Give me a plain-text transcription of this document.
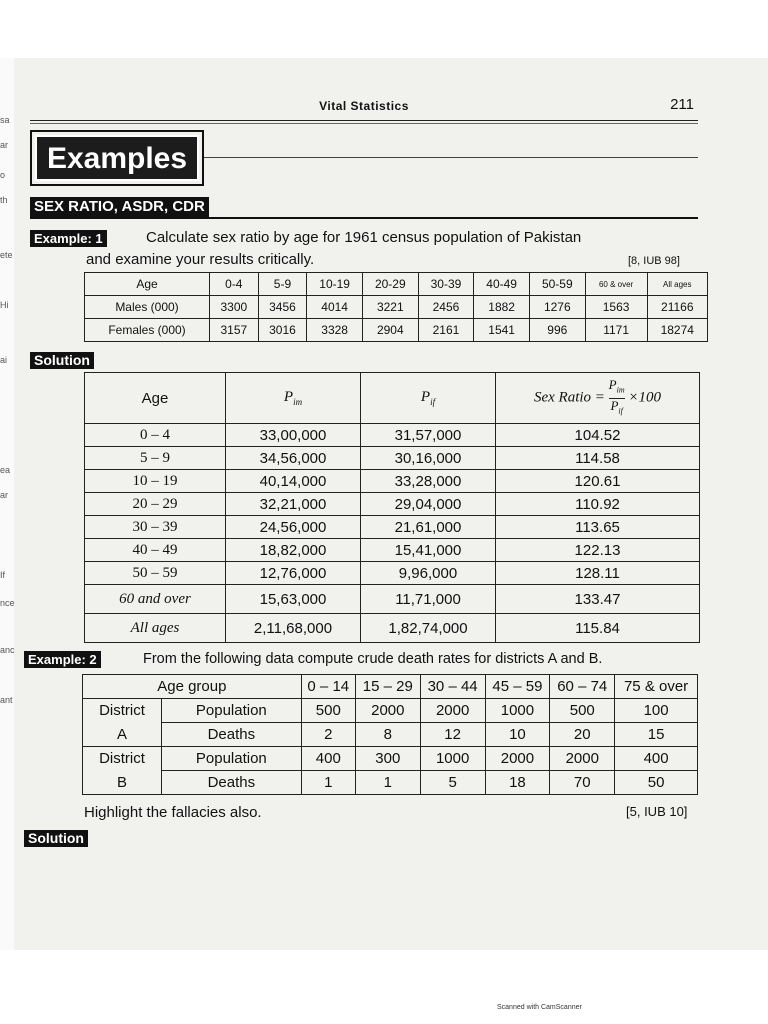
sa
ar
o
th
ete
Hi
ai
ea
ar
If
nce
anc
ant
Vital Statistics	211
Examples
SEX RATIO, ASDR, CDR
Example: 1	Calculate sex ratio by age for 1961 census population of Pakistan
and examine your results critically.	[8, IUB 98]
Age	0-4	5-9	10-19	20-29	30-39	40-49	50-59	60 & over	All ages
Males (000)	3300	3456	4014	3221	2456	1882	1276	1563	21166
Females (000)	3157	3016	3328	2904	2161	1541	996	1171	18274
Solution
Age	$P_{im}$	$P_{if}$	Sex Ratio =
$P_{im}$
$P_{if}$
×100
0 – 4	33,00,000	31,57,000	104.52
5 – 9	34,56,000	30,16,000	114.58
10 – 19	40,14,000	33,28,000	120.61
20 – 29	32,21,000	29,04,000	110.92
30 – 39	24,56,000	21,61,000	113.65
40 – 49	18,82,000	15,41,000	122.13
50 – 59	12,76,000	9,96,000	128.11
60 and over	15,63,000	11,71,000	133.47
All ages	2,11,68,000	1,82,74,000	115.84
Example: 2	From the following data compute crude death rates for districts A and B.
Age group		0 – 14	15 – 29	30 – 44	45 – 59	60 – 74	75 & over
District	Population	500	2000	2000	1000	500	100
A	Deaths	2	8	12	10	20	15
District	Population	400	300	1000	2000	2000	400
B	Deaths	1	1	5	18	70	50
Highlight the fallacies also.	[5, IUB 10]
Solution
Scanned with CamScanner
